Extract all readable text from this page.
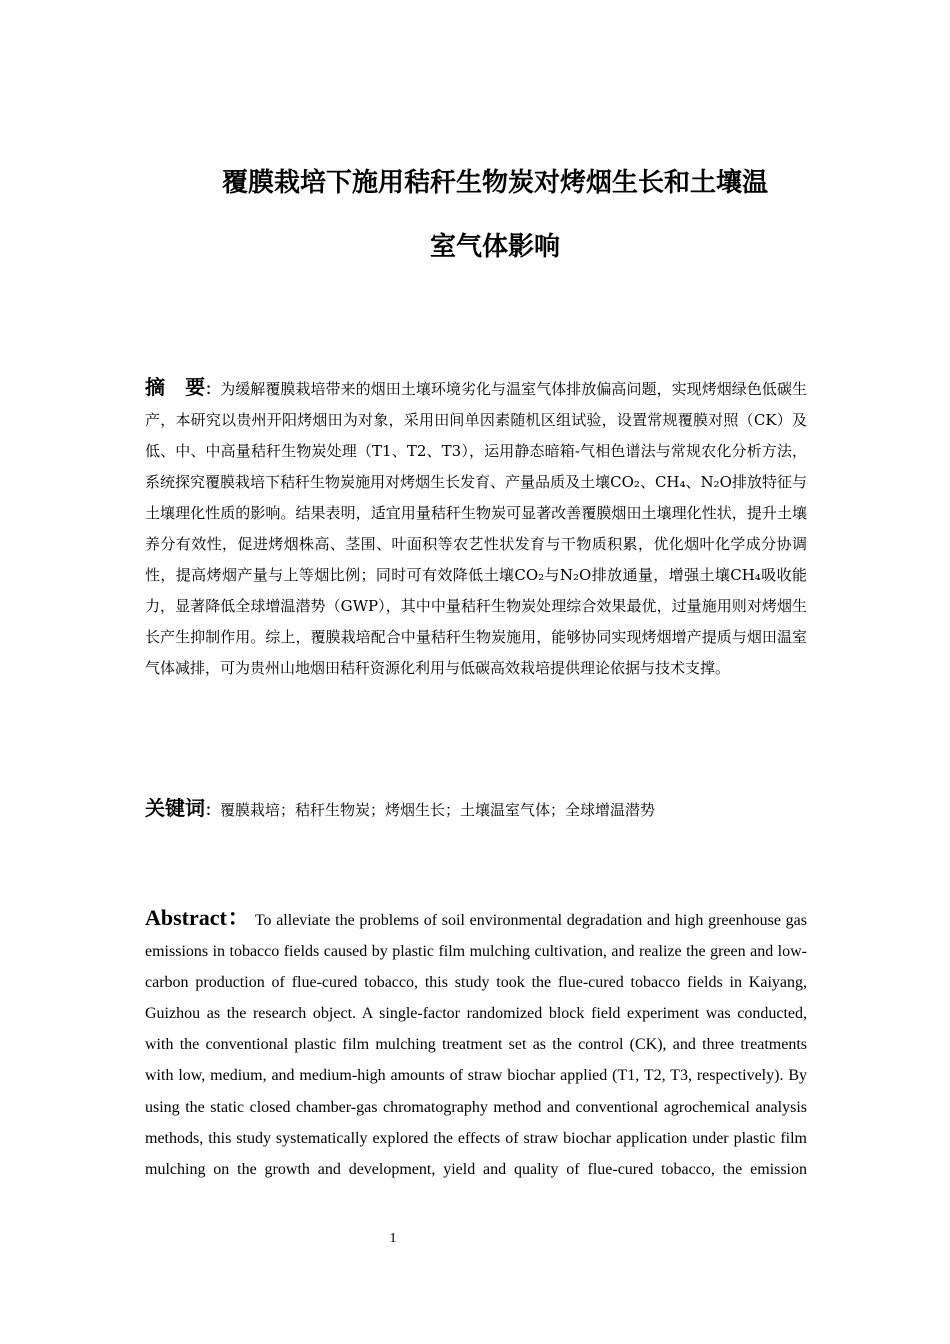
覆膜栽培下施用秸秆生物炭对烤烟生长和土壤温
室气体影响

摘　要：为缓解覆膜栽培带来的烟田土壤环境劣化与温室气体排放偏高问题，实现烤烟绿色低碳生产，本研究以贵州开阳烤烟田为对象，采用田间单因素随机区组试验，设置常规覆膜对照（CK）及低、中、中高量秸秆生物炭处理（T1、T2、T3），运用静态暗箱-气相色谱法与常规农化分析方法，系统探究覆膜栽培下秸秆生物炭施用对烤烟生长发育、产量品质及土壤CO₂、CH₄、N₂O排放特征与土壤理化性质的影响。结果表明，适宜用量秸秆生物炭可显著改善覆膜烟田土壤理化性状，提升土壤养分有效性，促进烤烟株高、茎围、叶面积等农艺性状发育与干物质积累，优化烟叶化学成分协调性，提高烤烟产量与上等烟比例；同时可有效降低土壤CO₂与N₂O排放通量，增强土壤CH₄吸收能力，显著降低全球增温潜势（GWP），其中中量秸秆生物炭处理综合效果最优，过量施用则对烤烟生长产生抑制作用。综上，覆膜栽培配合中量秸秆生物炭施用，能够协同实现烤烟增产提质与烟田温室气体减排，可为贵州山地烟田秸秆资源化利用与低碳高效栽培提供理论依据与技术支撑。

关键词：覆膜栽培；秸秆生物炭；烤烟生长；土壤温室气体；全球增温潜势

Abstract： To alleviate the problems of soil environmental degradation and high greenhouse gas emissions in tobacco fields caused by plastic film mulching cultivation, and realize the green and low-carbon production of flue-cured tobacco, this study took the flue-cured tobacco fields in Kaiyang, Guizhou as the research object. A single-factor randomized block field experiment was conducted, with the conventional plastic film mulching treatment set as the control (CK), and three treatments with low, medium, and medium-high amounts of straw biochar applied (T1, T2, T3, respectively). By using the static closed chamber-gas chromatography method and conventional agrochemical analysis methods, this study systematically explored the effects of straw biochar application under plastic film mulching on the growth and development, yield and quality of flue-cured tobacco, the emission

1
